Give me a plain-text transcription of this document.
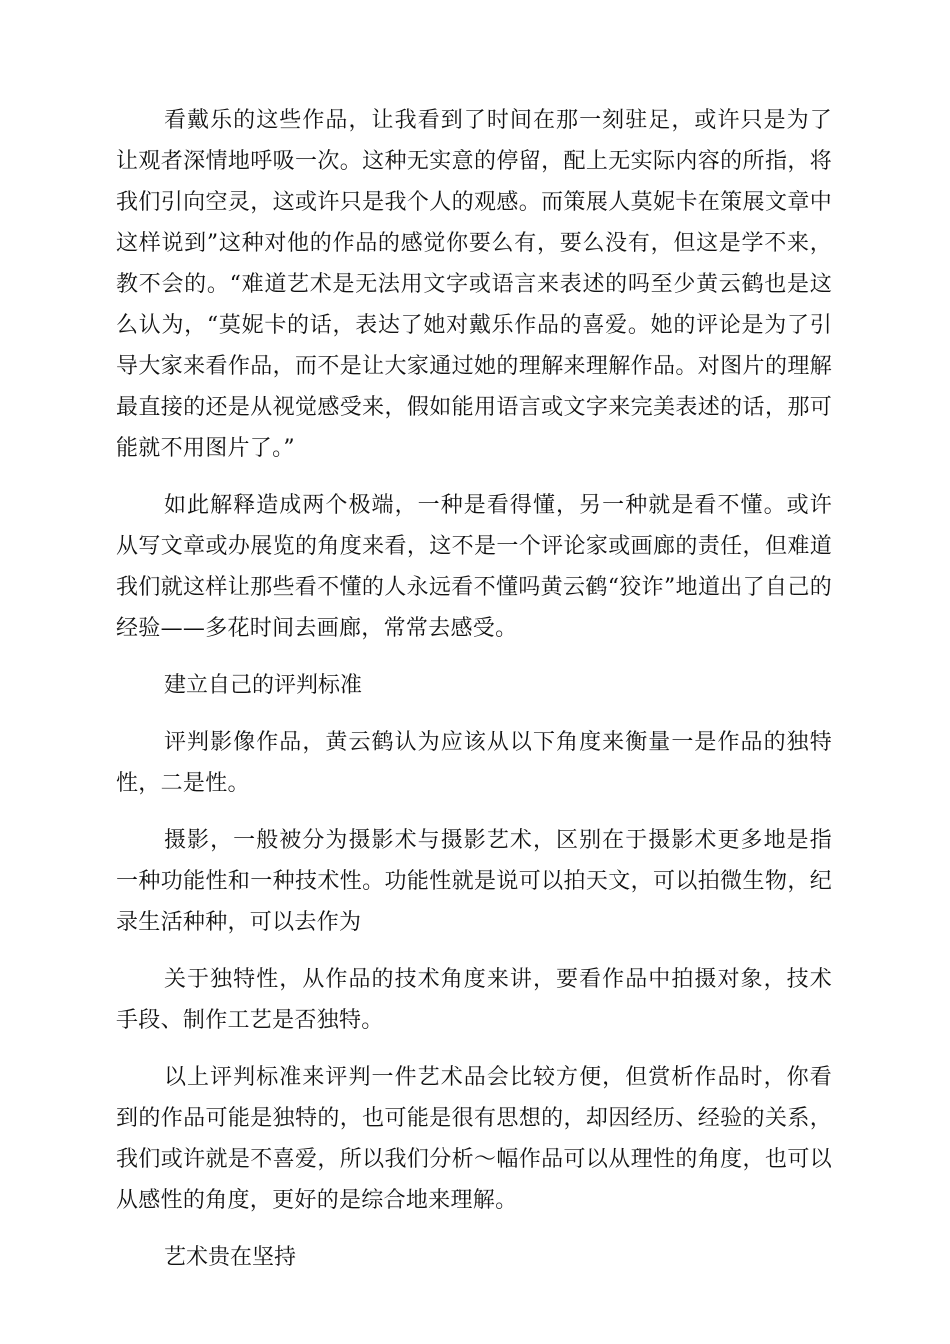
看戴乐的这些作品，让我看到了时间在那一刻驻足，或许只是为了让观者深情地呼吸一次。这种无实意的停留，配上无实际内容的所指，将我们引向空灵，这或许只是我个人的观感。而策展人莫妮卡在策展文章中这样说到”这种对他的作品的感觉你要么有，要么没有，但这是学不来，教不会的。“难道艺术是无法用文字或语言来表述的吗至少黄云鹤也是这么认为，“莫妮卡的话，表达了她对戴乐作品的喜爱。她的评论是为了引导大家来看作品，而不是让大家通过她的理解来理解作品。对图片的理解最直接的还是从视觉感受来，假如能用语言或文字来完美表述的话，那可能就不用图片了。”

如此解释造成两个极端，一种是看得懂，另一种就是看不懂。或许从写文章或办展览的角度来看，这不是一个评论家或画廊的责任，但难道我们就这样让那些看不懂的人永远看不懂吗黄云鹤“狡诈”地道出了自己的经验——多花时间去画廊，常常去感受。

建立自己的评判标准

评判影像作品，黄云鹤认为应该从以下角度来衡量一是作品的独特性，二是性。

摄影，一般被分为摄影术与摄影艺术，区别在于摄影术更多地是指一种功能性和一种技术性。功能性就是说可以拍天文，可以拍微生物，纪录生活种种，可以去作为

关于独特性，从作品的技术角度来讲，要看作品中拍摄对象，技术手段、制作工艺是否独特。

以上评判标准来评判一件艺术品会比较方便，但赏析作品时，你看到的作品可能是独特的，也可能是很有思想的，却因经历、经验的关系，我们或许就是不喜爱，所以我们分析～幅作品可以从理性的角度，也可以从感性的角度，更好的是综合地来理解。

艺术贵在坚持
